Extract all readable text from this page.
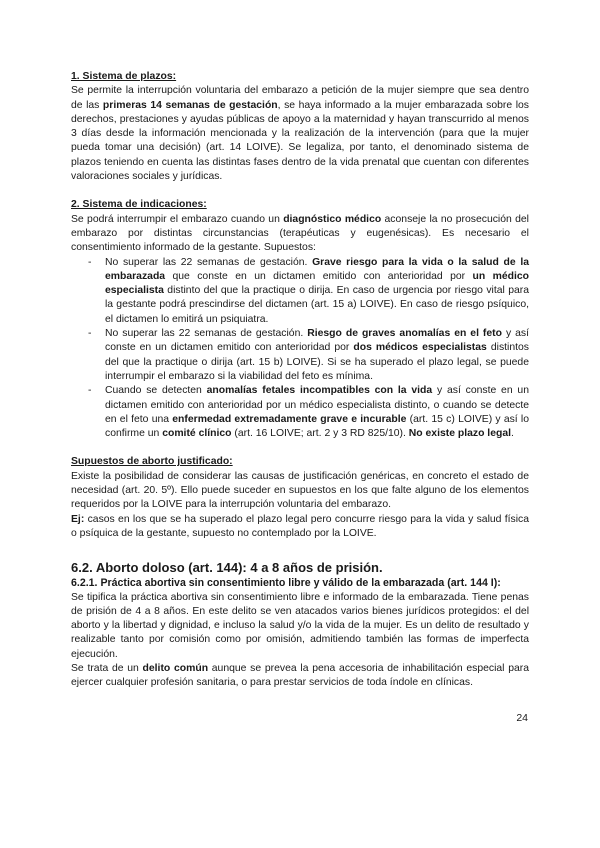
1. Sistema de plazos:

Se permite la interrupción voluntaria del embarazo a petición de la mujer siempre que sea dentro de las primeras 14 semanas de gestación, se haya informado a la mujer embarazada sobre los derechos, prestaciones y ayudas públicas de apoyo a la maternidad y hayan transcurrido al menos 3 días desde la información mencionada y la realización de la intervención (para que la mujer pueda tomar una decisión) (art. 14 LOIVE). Se legaliza, por tanto, el denominado sistema de plazos teniendo en cuenta las distintas fases dentro de la vida prenatal que cuentan con diferentes valoraciones sociales y jurídicas.

2. Sistema de indicaciones:

Se podrá interrumpir el embarazo cuando un diagnóstico médico aconseje la no prosecución del embarazo por distintas circunstancias (terapéuticas y eugenésicas). Es necesario el consentimiento informado de la gestante. Supuestos:

- No superar las 22 semanas de gestación. Grave riesgo para la vida o la salud de la embarazada que conste en un dictamen emitido con anterioridad por un médico especialista distinto del que la practique o dirija. En caso de urgencia por riesgo vital para la gestante podrá prescindirse del dictamen (art. 15 a) LOIVE). En caso de riesgo psíquico, el dictamen lo emitirá un psiquiatra.
- No superar las 22 semanas de gestación. Riesgo de graves anomalías en el feto y así conste en un dictamen emitido con anterioridad por dos médicos especialistas distintos del que la practique o dirija (art. 15 b) LOIVE). Si se ha superado el plazo legal, se puede interrumpir el embarazo si la viabilidad del feto es mínima.
- Cuando se detecten anomalías fetales incompatibles con la vida y así conste en un dictamen emitido con anterioridad por un médico especialista distinto, o cuando se detecte en el feto una enfermedad extremadamente grave e incurable (art. 15 c) LOIVE) y así lo confirme un comité clínico (art. 16 LOIVE; art. 2 y 3 RD 825/10). No existe plazo legal.

Supuestos de aborto justificado:

Existe la posibilidad de considerar las causas de justificación genéricas, en concreto el estado de necesidad (art. 20. 5º). Ello puede suceder en supuestos en los que falte alguno de los elementos requeridos por la LOIVE para la interrupción voluntaria del embarazo.

Ej: casos en los que se ha superado el plazo legal pero concurre riesgo para la vida y salud física o psíquica de la gestante, supuesto no contemplado por la LOIVE.

6.2. Aborto doloso (art. 144): 4 a 8 años de prisión.

6.2.1. Práctica abortiva sin consentimiento libre y válido de la embarazada (art. 144 I):

Se tipifica la práctica abortiva sin consentimiento libre e informado de la embarazada. Tiene penas de prisión de 4 a 8 años. En este delito se ven atacados varios bienes jurídicos protegidos: el del aborto y la libertad y dignidad, e incluso la salud y/o la vida de la mujer. Es un delito de resultado y realizable tanto por comisión como por omisión, admitiendo también las formas de imperfecta ejecución.

Se trata de un delito común aunque se prevea la pena accesoria de inhabilitación especial para ejercer cualquier profesión sanitaria, o para prestar servicios de toda índole en clínicas.

24
